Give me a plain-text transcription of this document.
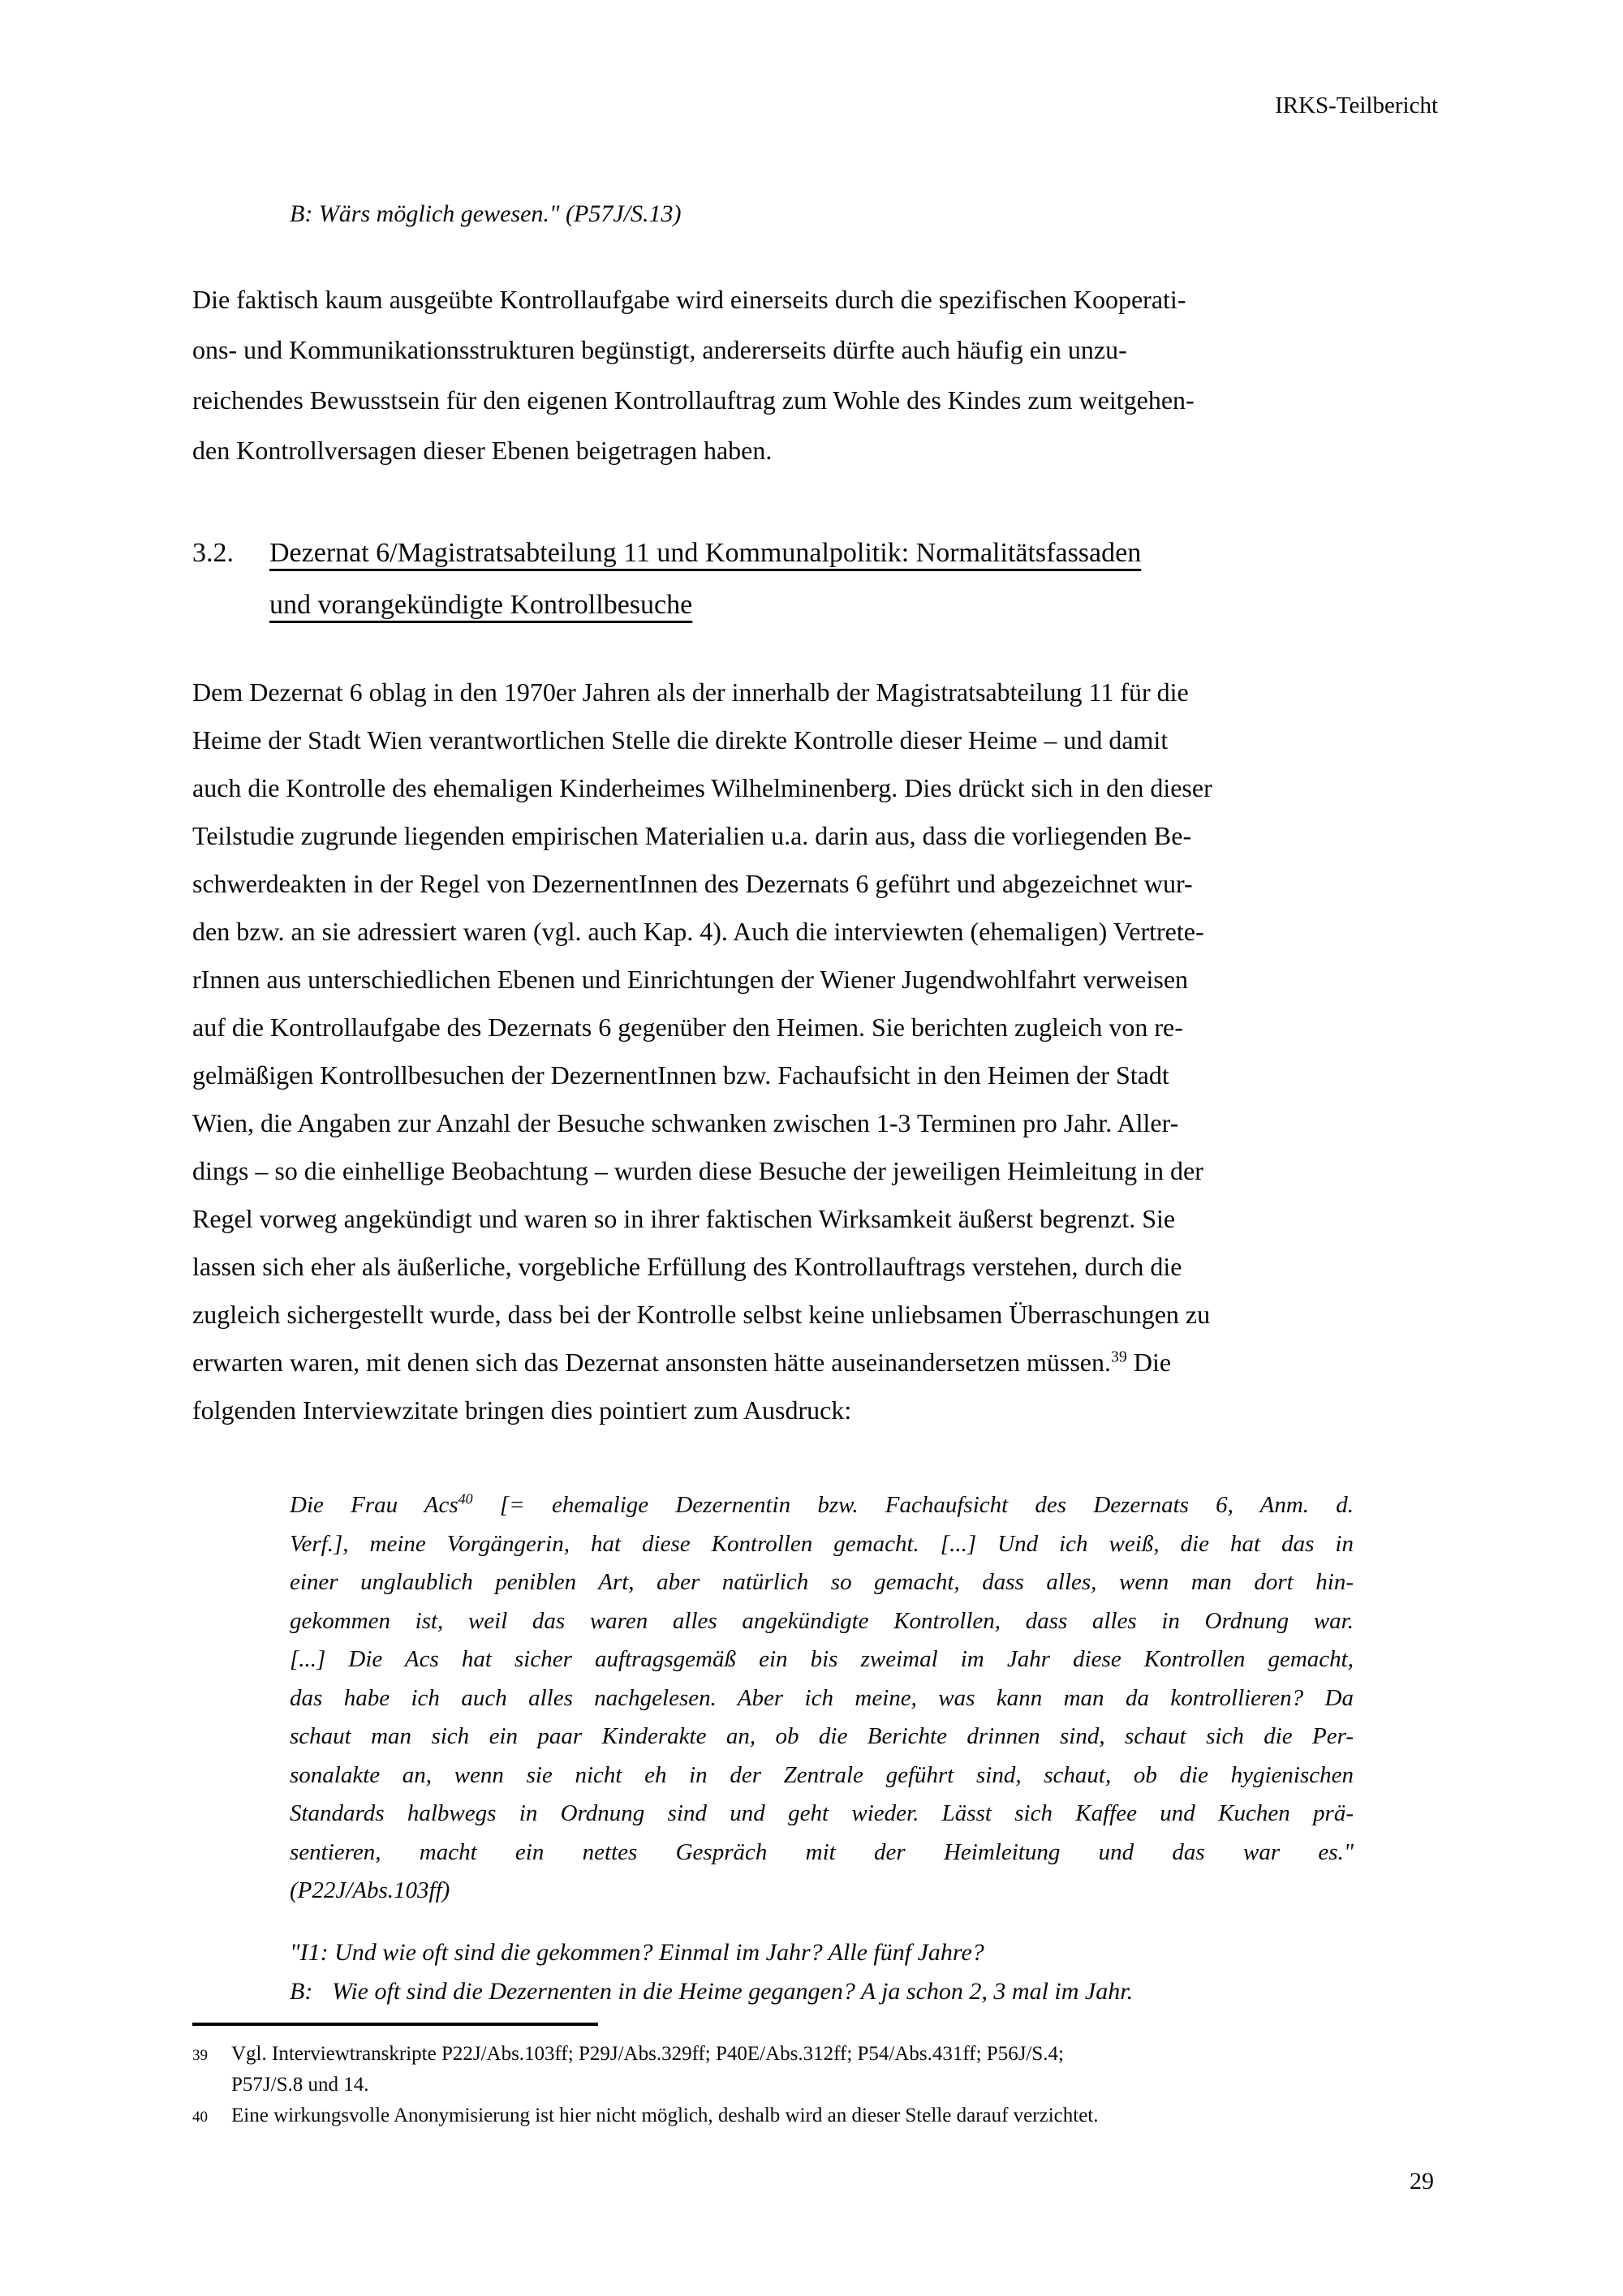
IRKS-Teilbericht
B: Wärs möglich gewesen." (P57J/S.13)
Die faktisch kaum ausgeübte Kontrollaufgabe wird einerseits durch die spezifischen Kooperati-
ons- und Kommunikationsstrukturen begünstigt, andererseits dürfte auch häufig ein unzu-
reichendes Bewusstsein für den eigenen Kontrollauftrag zum Wohle des Kindes zum weitgehen-
den Kontrollversagen dieser Ebenen beigetragen haben.
3.2.	Dezernat 6/Magistratsabteilung 11 und Kommunalpolitik: Normalitätsfassaden
und vorangekündigte Kontrollbesuche
Dem Dezernat 6 oblag in den 1970er Jahren als der innerhalb der Magistratsabteilung 11 für die
Heime der Stadt Wien verantwortlichen Stelle die direkte Kontrolle dieser Heime – und damit
auch die Kontrolle des ehemaligen Kinderheimes Wilhelminenberg. Dies drückt sich in den dieser
Teilstudie zugrunde liegenden empirischen Materialien u.a. darin aus, dass die vorliegenden Be-
schwerdeakten in der Regel von DezernentInnen des Dezernats 6 geführt und abgezeichnet wur-
den bzw. an sie adressiert waren (vgl. auch Kap. 4). Auch die interviewten (ehemaligen) Vertrete-
rInnen aus unterschiedlichen Ebenen und Einrichtungen der Wiener Jugendwohlfahrt verweisen
auf die Kontrollaufgabe des Dezernats 6 gegenüber den Heimen. Sie berichten zugleich von re-
gelmäßigen Kontrollbesuchen der DezernentInnen bzw. Fachaufsicht in den Heimen der Stadt
Wien, die Angaben zur Anzahl der Besuche schwanken zwischen 1-3 Terminen pro Jahr. Aller-
dings – so die einhellige Beobachtung – wurden diese Besuche der jeweiligen Heimleitung in der
Regel vorweg angekündigt und waren so in ihrer faktischen Wirksamkeit äußerst begrenzt. Sie
lassen sich eher als äußerliche, vorgebliche Erfüllung des Kontrollauftrags verstehen, durch die
zugleich sichergestellt wurde, dass bei der Kontrolle selbst keine unliebsamen Überraschungen zu
erwarten waren, mit denen sich das Dezernat ansonsten hätte auseinandersetzen müssen.$^{39}$ Die
folgenden Interviewzitate bringen dies pointiert zum Ausdruck:
Die Frau Acs$^{40}$ [= ehemalige Dezernentin bzw. Fachaufsicht des Dezernats 6, Anm. d.
Verf.], meine Vorgängerin, hat diese Kontrollen gemacht. [...] Und ich weiß, die hat das in
einer unglaublich peniblen Art, aber natürlich so gemacht, dass alles, wenn man dort hin-
gekommen ist, weil das waren alles angekündigte Kontrollen, dass alles in Ordnung war.
[...] Die Acs hat sicher auftragsgemäß ein bis zweimal im Jahr diese Kontrollen gemacht,
das habe ich auch alles nachgelesen. Aber ich meine, was kann man da kontrollieren? Da
schaut man sich ein paar Kinderakte an, ob die Berichte drinnen sind, schaut sich die Per-
sonalakte an, wenn sie nicht eh in der Zentrale geführt sind, schaut, ob die hygienischen
Standards halbwegs in Ordnung sind und geht wieder. Lässt sich Kaffee und Kuchen prä-
sentieren, macht ein nettes Gespräch mit der Heimleitung und das war es."
(P22J/Abs.103ff)
"I1: Und wie oft sind die gekommen? Einmal im Jahr? Alle fünf Jahre?
B: Wie oft sind die Dezernenten in die Heime gegangen? A ja schon 2, 3 mal im Jahr.
39	Vgl. Interviewtranskripte P22J/Abs.103ff; P29J/Abs.329ff; P40E/Abs.312ff; P54/Abs.431ff; P56J/S.4;
P57J/S.8 und 14.
40	Eine wirkungsvolle Anonymisierung ist hier nicht möglich, deshalb wird an dieser Stelle darauf verzichtet.
29
